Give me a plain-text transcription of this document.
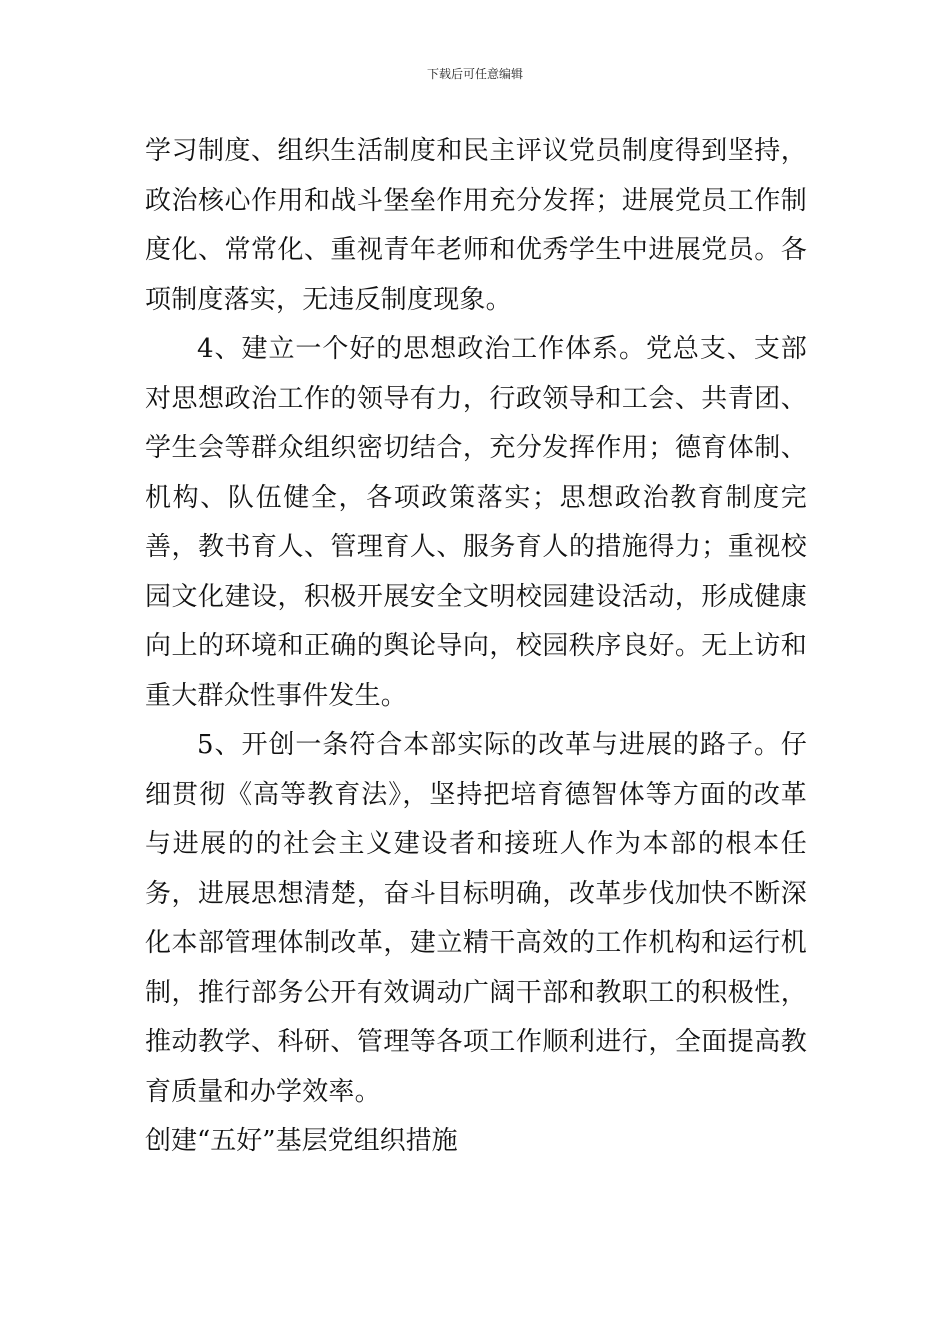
下载后可任意编辑

学习制度、组织生活制度和民主评议党员制度得到坚持，政治核心作用和战斗堡垒作用充分发挥；进展党员工作制度化、常常化、重视青年老师和优秀学生中进展党员。各项制度落实，无违反制度现象。

4、建立一个好的思想政治工作体系。党总支、支部对思想政治工作的领导有力，行政领导和工会、共青团、学生会等群众组织密切结合，充分发挥作用；德育体制、机构、队伍健全，各项政策落实；思想政治教育制度完善，教书育人、管理育人、服务育人的措施得力；重视校园文化建设，积极开展安全文明校园建设活动，形成健康向上的环境和正确的舆论导向，校园秩序良好。无上访和重大群众性事件发生。

5、开创一条符合本部实际的改革与进展的路子。仔细贯彻《高等教育法》，坚持把培育德智体等方面的改革与进展的的社会主义建设者和接班人作为本部的根本任务，进展思想清楚，奋斗目标明确，改革步伐加快不断深化本部管理体制改革，建立精干高效的工作机构和运行机制，推行部务公开有效调动广阔干部和教职工的积极性，推动教学、科研、管理等各项工作顺利进行，全面提高教育质量和办学效率。

创建“五好”基层党组织措施
